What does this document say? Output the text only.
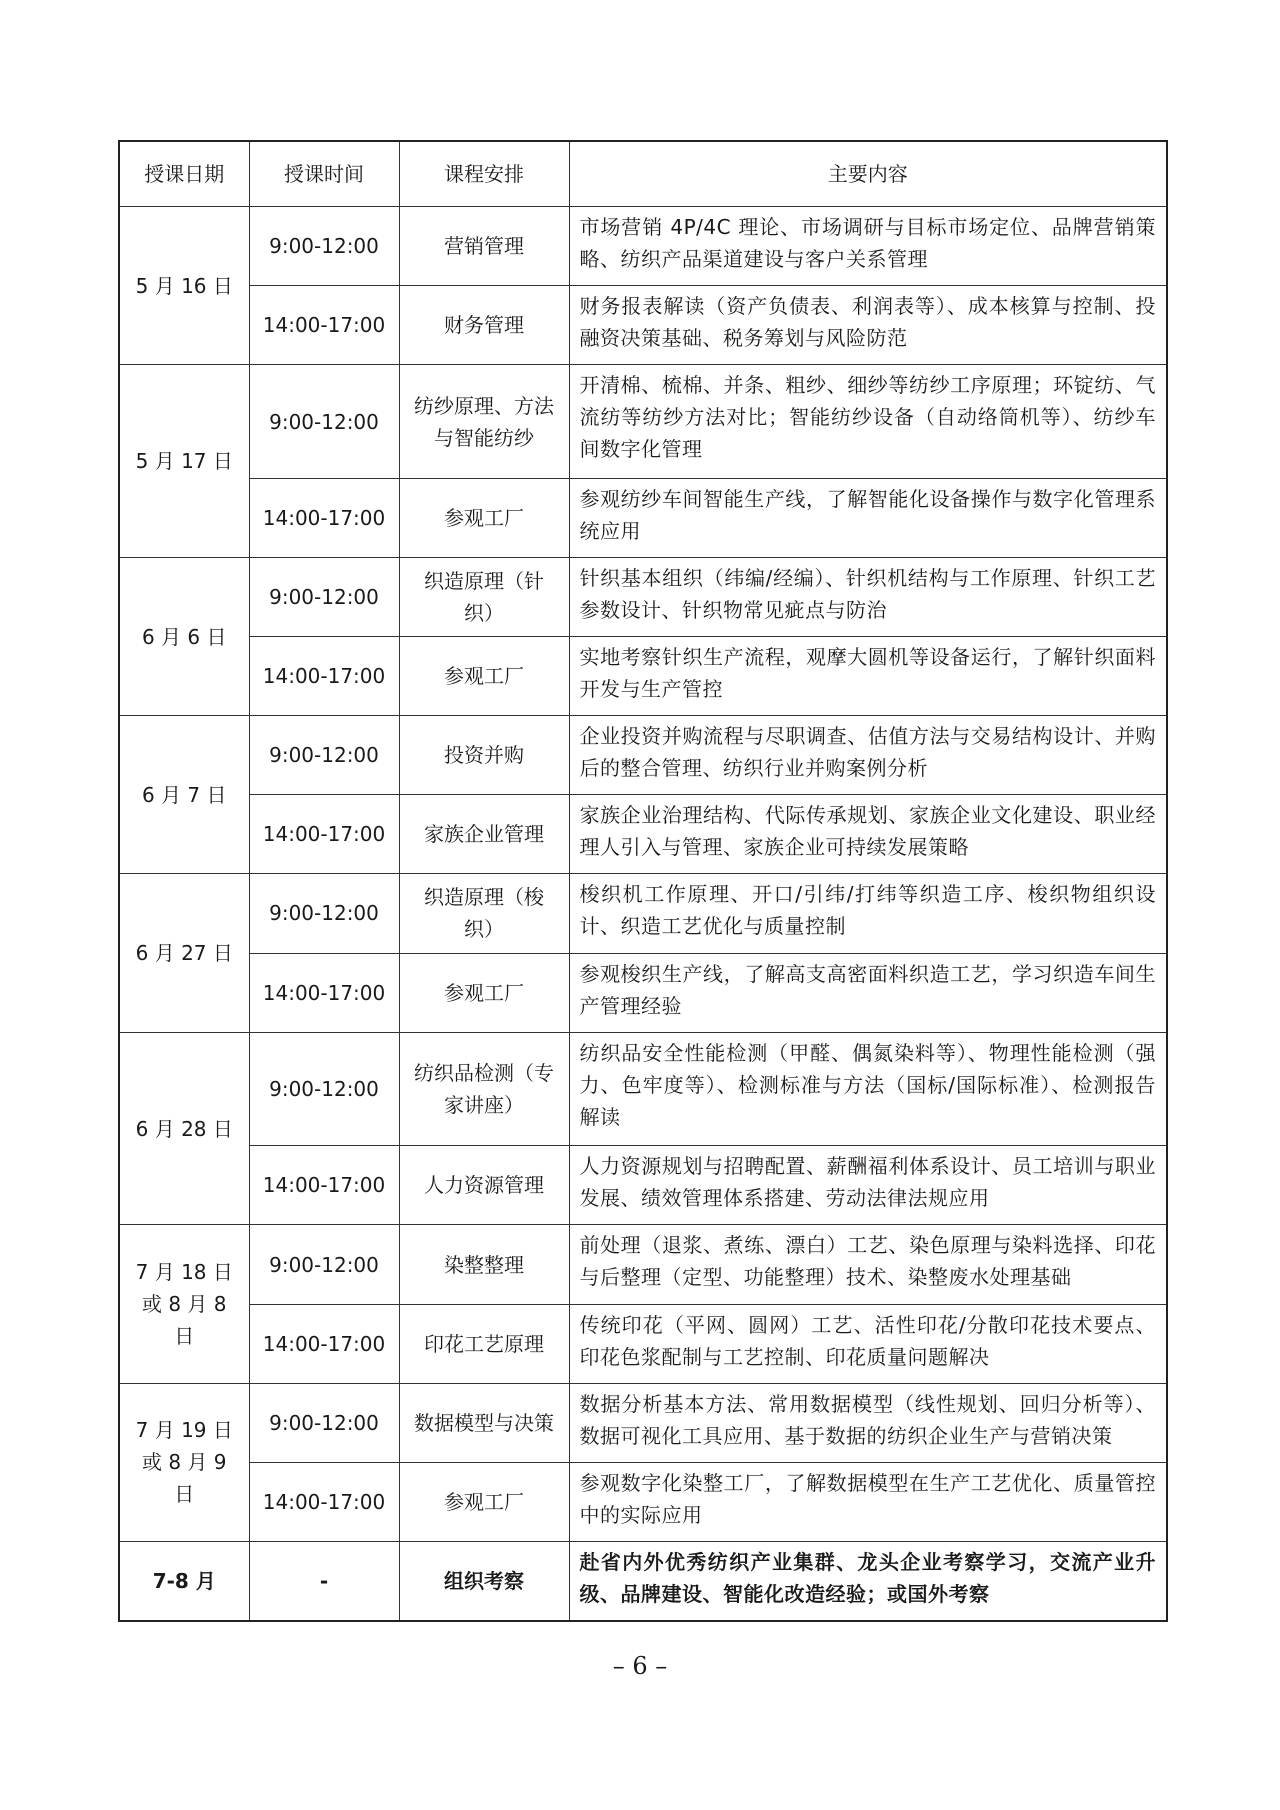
授课日期	授课时间	课程安排	主要内容
5 月 16 日	9:00-12:00	营销管理	市场营销 4P/4C 理论、市场调研与目标市场定位、品牌营销策略、纺织产品渠道建设与客户关系管理
	14:00-17:00	财务管理	财务报表解读（资产负债表、利润表等）、成本核算与控制、投融资决策基础、税务筹划与风险防范
5 月 17 日	9:00-12:00	纺纱原理、方法与智能纺纱	开清棉、梳棉、并条、粗纱、细纱等纺纱工序原理；环锭纺、气流纺等纺纱方法对比；智能纺纱设备（自动络筒机等）、纺纱车间数字化管理
	14:00-17:00	参观工厂	参观纺纱车间智能生产线，了解智能化设备操作与数字化管理系统应用
6 月 6 日	9:00-12:00	织造原理（针织）	针织基本组织（纬编/经编）、针织机结构与工作原理、针织工艺参数设计、针织物常见疵点与防治
	14:00-17:00	参观工厂	实地考察针织生产流程，观摩大圆机等设备运行，了解针织面料开发与生产管控
6 月 7 日	9:00-12:00	投资并购	企业投资并购流程与尽职调查、估值方法与交易结构设计、并购后的整合管理、纺织行业并购案例分析
	14:00-17:00	家族企业管理	家族企业治理结构、代际传承规划、家族企业文化建设、职业经理人引入与管理、家族企业可持续发展策略
6 月 27 日	9:00-12:00	织造原理（梭织）	梭织机工作原理、开口/引纬/打纬等织造工序、梭织物组织设计、织造工艺优化与质量控制
	14:00-17:00	参观工厂	参观梭织生产线，了解高支高密面料织造工艺，学习织造车间生产管理经验
6 月 28 日	9:00-12:00	纺织品检测（专家讲座）	纺织品安全性能检测（甲醛、偶氮染料等）、物理性能检测（强力、色牢度等）、检测标准与方法（国标/国际标准）、检测报告解读
	14:00-17:00	人力资源管理	人力资源规划与招聘配置、薪酬福利体系设计、员工培训与职业发展、绩效管理体系搭建、劳动法律法规应用
7 月 18 日或 8 月 8 日	9:00-12:00	染整整理	前处理（退浆、煮练、漂白）工艺、染色原理与染料选择、印花与后整理（定型、功能整理）技术、染整废水处理基础
	14:00-17:00	印花工艺原理	传统印花（平网、圆网）工艺、活性印花/分散印花技术要点、印花色浆配制与工艺控制、印花质量问题解决
7 月 19 日或 8 月 9 日	9:00-12:00	数据模型与决策	数据分析基本方法、常用数据模型（线性规划、回归分析等）、数据可视化工具应用、基于数据的纺织企业生产与营销决策
	14:00-17:00	参观工厂	参观数字化染整工厂，了解数据模型在生产工艺优化、质量管控中的实际应用
7-8 月	-	组织考察	赴省内外优秀纺织产业集群、龙头企业考察学习，交流产业升级、品牌建设、智能化改造经验；或国外考察
– 6 –
